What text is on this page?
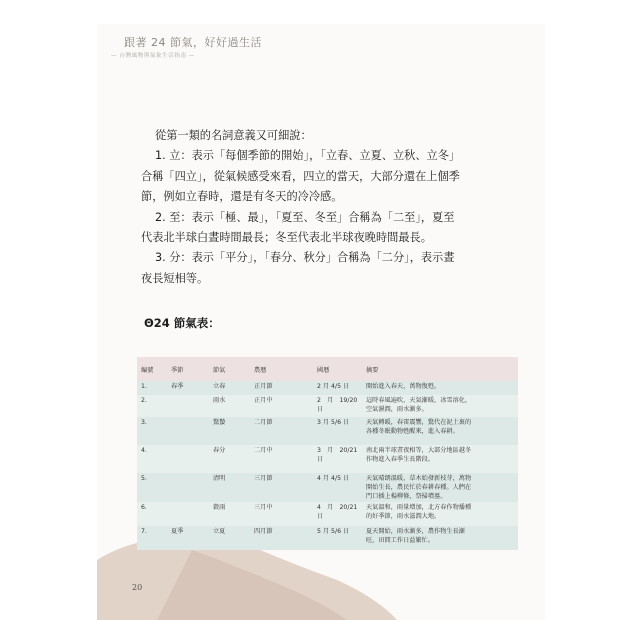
跟著 24 節氣，好好過生活
— 台灣風物與氣象生活指南 —

從第一類的名詞意義又可細說：

1. 立：表示「每個季節的開始」，「立春、立夏、立秋、立冬」

合稱「四立」，從氣候感受來看，四立的當天，大部分還在上個季

節，例如立春時，還是有冬天的冷冷感。

2. 至：表示「極、最」，「夏至、冬至」合稱為「二至」，夏至

代表北半球白晝時間最長；冬至代表北半球夜晚時間最長。

3. 分：表示「平分」，「春分、秋分」合稱為「二分」，表示晝

夜長短相等。

Θ24 節氣表：
編號	季節	節氣	農曆	國曆	摘要
1.	春季	立春	正月節	2 月 4/5 日	開始進入春天，萬物復甦。

2.		雨水	正月中	2　月　19/20 日	這時春風遍吹，天氣漸暖，冰雪溶化，
空氣濕潤，雨水漸多。

3.		驚蟄	二月節	3 月 5/6 日	天氣轉暖，春雷震響，驚代在泥土裏的
各種冬眠動物甦醒來，進入春耕。

4.		春分	二月中	3　月　20/21 日	南北兩半球晝夜相等，大部分地區越冬
作物進入春季生長階段。

5.		清明	三月節	4 月 4/5 日	天氣晴朗溫暖，草木始發新枝芽，萬物
開始生長，農民忙於春耕春種。人們在
門口插上楊柳條，祭掃墳墓。

6.		穀雨	三月中	4　月　20/21 日	天氣溫和，雨量增加，北方春作物播種
的好季節，雨水滋潤大地。

7.	夏季	立夏	四月節	5 月 5/6 日	夏天開始，雨水漸多，農作物生長漸
旺，田間工作日益繁忙。
20
